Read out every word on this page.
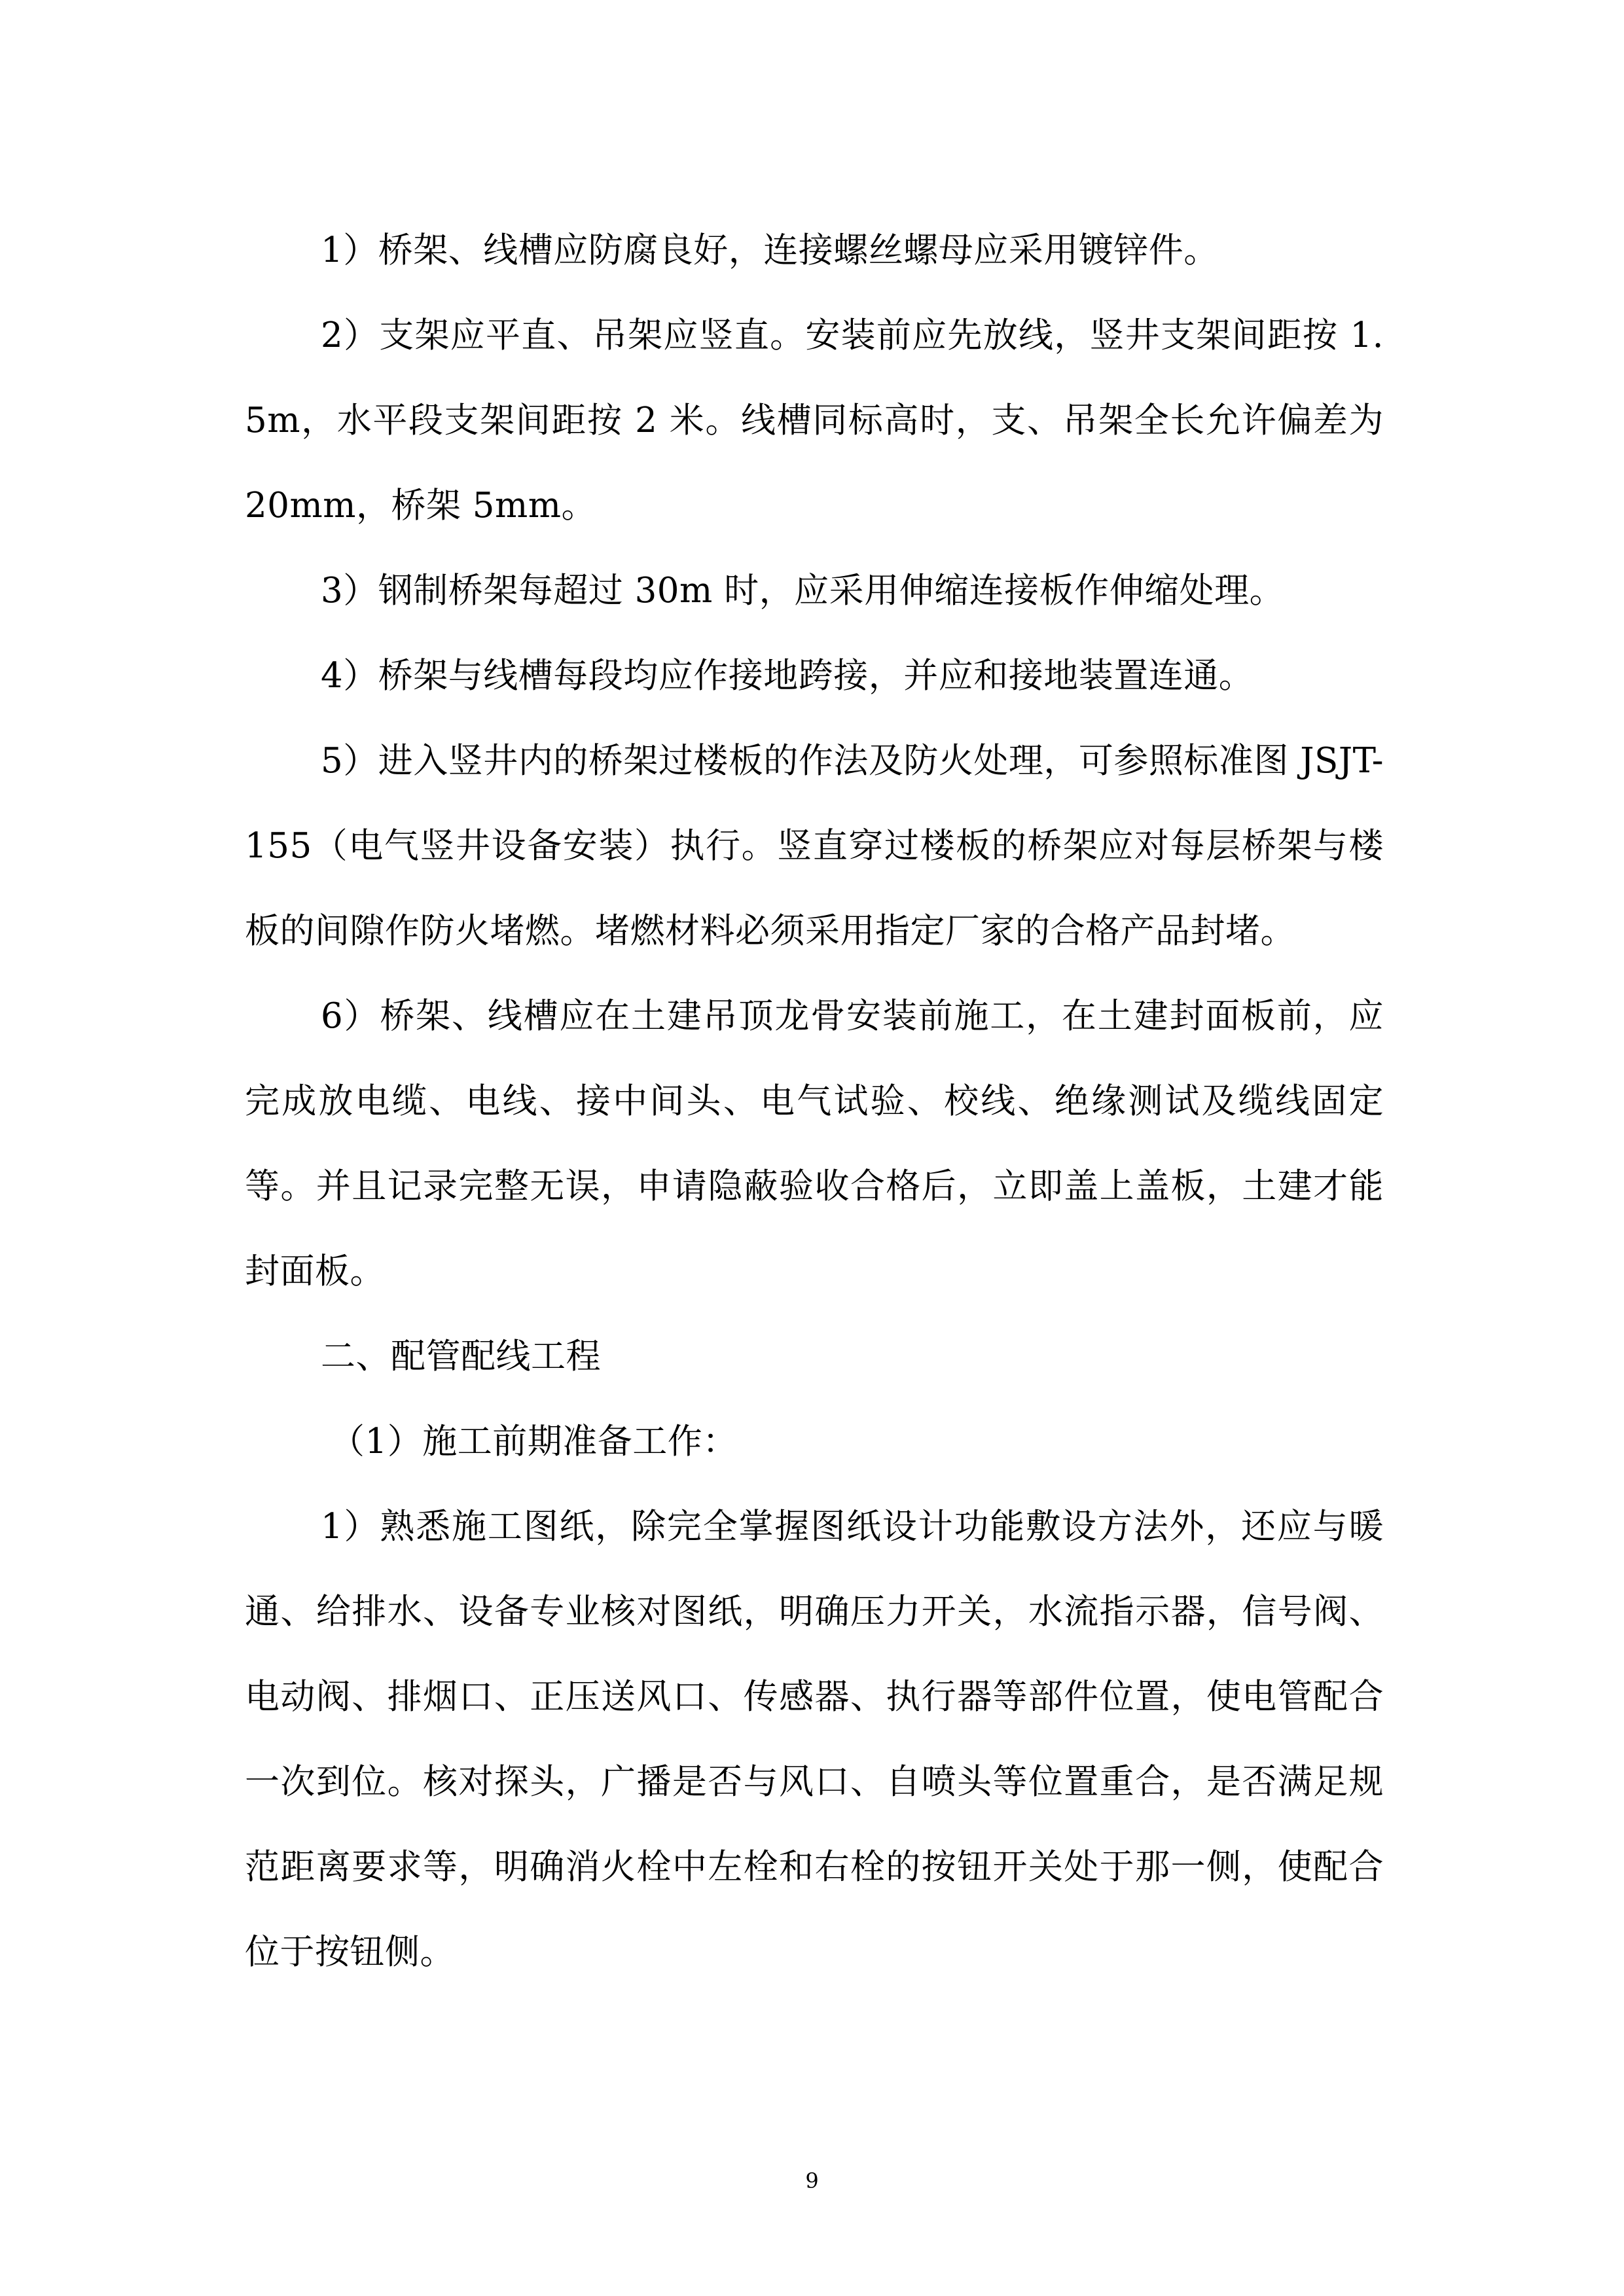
1）桥架、线槽应防腐良好，连接螺丝螺母应采用镀锌件。

2）支架应平直、吊架应竖直。安装前应先放线，竖井支架间距按 1.5m，水平段支架间距按 2 米。线槽同标高时，支、吊架全长允许偏差为 20mm，桥架 5mm。

3）钢制桥架每超过 30m 时，应采用伸缩连接板作伸缩处理。

4）桥架与线槽每段均应作接地跨接，并应和接地装置连通。

5）进入竖井内的桥架过楼板的作法及防火处理，可参照标准图 JSJT-155（电气竖井设备安装）执行。竖直穿过楼板的桥架应对每层桥架与楼板的间隙作防火堵燃。堵燃材料必须采用指定厂家的合格产品封堵。

6）桥架、线槽应在土建吊顶龙骨安装前施工，在土建封面板前，应完成放电缆、电线、接中间头、电气试验、校线、绝缘测试及缆线固定等。并且记录完整无误，申请隐蔽验收合格后，立即盖上盖板，土建才能封面板。

二、配管配线工程

（1）施工前期准备工作：

1）熟悉施工图纸，除完全掌握图纸设计功能敷设方法外，还应与暖通、给排水、设备专业核对图纸，明确压力开关，水流指示器，信号阀、电动阀、排烟口、正压送风口、传感器、执行器等部件位置，使电管配合一次到位。核对探头，广播是否与风口、自喷头等位置重合，是否满足规范距离要求等，明确消火栓中左栓和右栓的按钮开关处于那一侧，使配合位于按钮侧。

9
